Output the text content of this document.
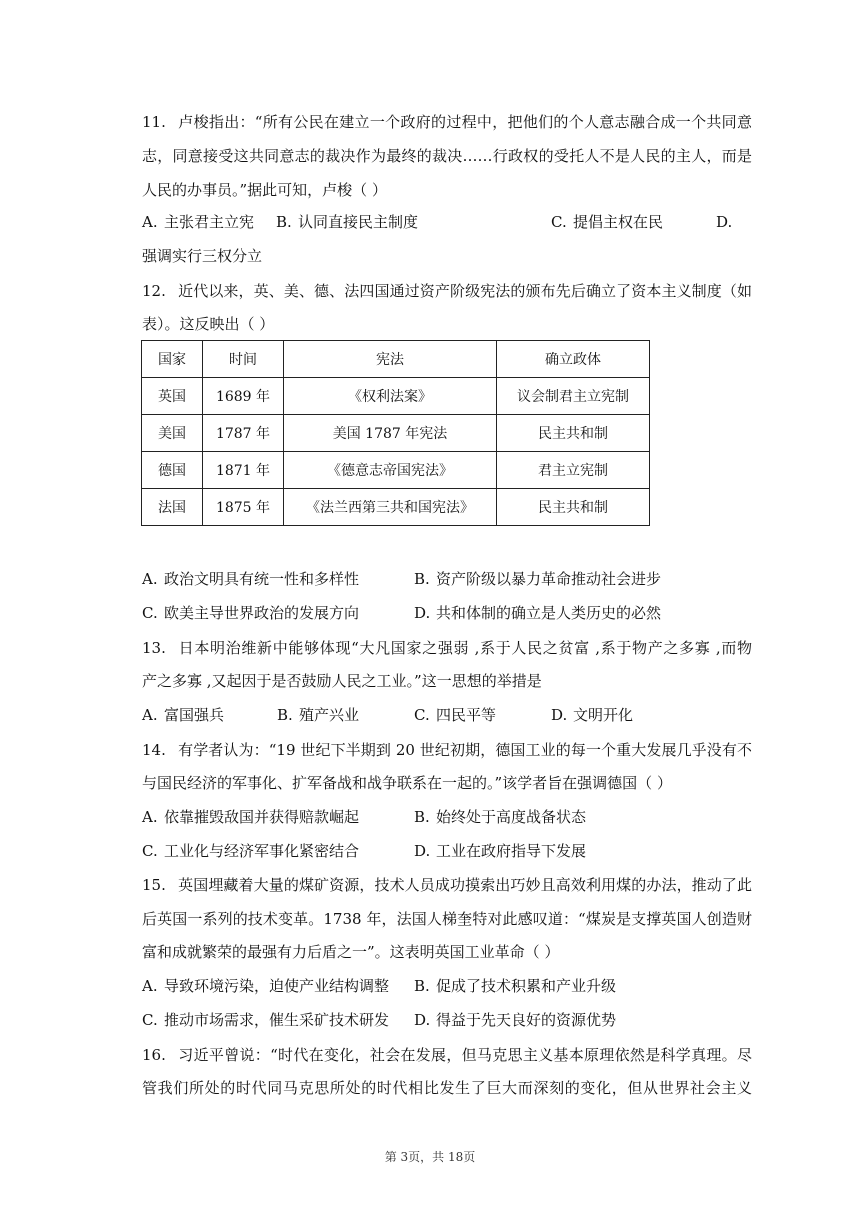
11. 卢梭指出：“所有公民在建立一个政府的过程中，把他们的个人意志融合成一个共同意
志，同意接受这共同意志的裁决作为最终的裁决……行政权的受托人不是人民的主人，而是
人民的办事员。”据此可知，卢梭（ ）
A. 主张君主立宪 B. 认同直接民主制度	C. 提倡主权在民	D.
强调实行三权分立
12. 近代以来，英、美、德、法四国通过资产阶级宪法的颁布先后确立了资本主义制度（如
表）。这反映出（ ）
国家	时间	宪法	确立政体
英国	1689 年	《权利法案》	议会制君主立宪制
美国	1787 年	美国 1787 年宪法	民主共和制
德国	1871 年	《德意志帝国宪法》	君主立宪制
法国	1875 年	《法兰西第三共和国宪法》	民主共和制
A. 政治文明具有统一性和多样性	B. 资产阶级以暴力革命推动社会进步
C. 欧美主导世界政治的发展方向	D. 共和体制的确立是人类历史的必然
13. 日本明治维新中能够体现“大凡国家之强弱 ,系于人民之贫富 ,系于物产之多寡 ,而物
产之多寡 ,又起因于是否鼓励人民之工业。”这一思想的举措是
A. 富国强兵	B. 殖产兴业	C. 四民平等	D. 文明开化
14. 有学者认为：“19 世纪下半期到 20 世纪初期，德国工业的每一个重大发展几乎没有不
与国民经济的军事化、扩军备战和战争联系在一起的。”该学者旨在强调德国（ ）
A. 依靠摧毁敌国并获得赔款崛起	B. 始终处于高度战备状态
C. 工业化与经济军事化紧密结合	D. 工业在政府指导下发展
15. 英国埋藏着大量的煤矿资源，技术人员成功摸索出巧妙且高效利用煤的办法，推动了此
后英国一系列的技术变革。1738 年，法国人梯奎特对此感叹道：“煤炭是支撑英国人创造财
富和成就繁荣的最强有力后盾之一”。这表明英国工业革命（ ）
A. 导致环境污染，迫使产业结构调整 B. 促成了技术积累和产业升级
C. 推动市场需求，催生采矿技术研发 D. 得益于先天良好的资源优势
16. 习近平曾说：“时代在变化，社会在发展，但马克思主义基本原理依然是科学真理。尽
管我们所处的时代同马克思所处的时代相比发生了巨大而深刻的变化，但从世界社会主义
第 3页，共 18页
